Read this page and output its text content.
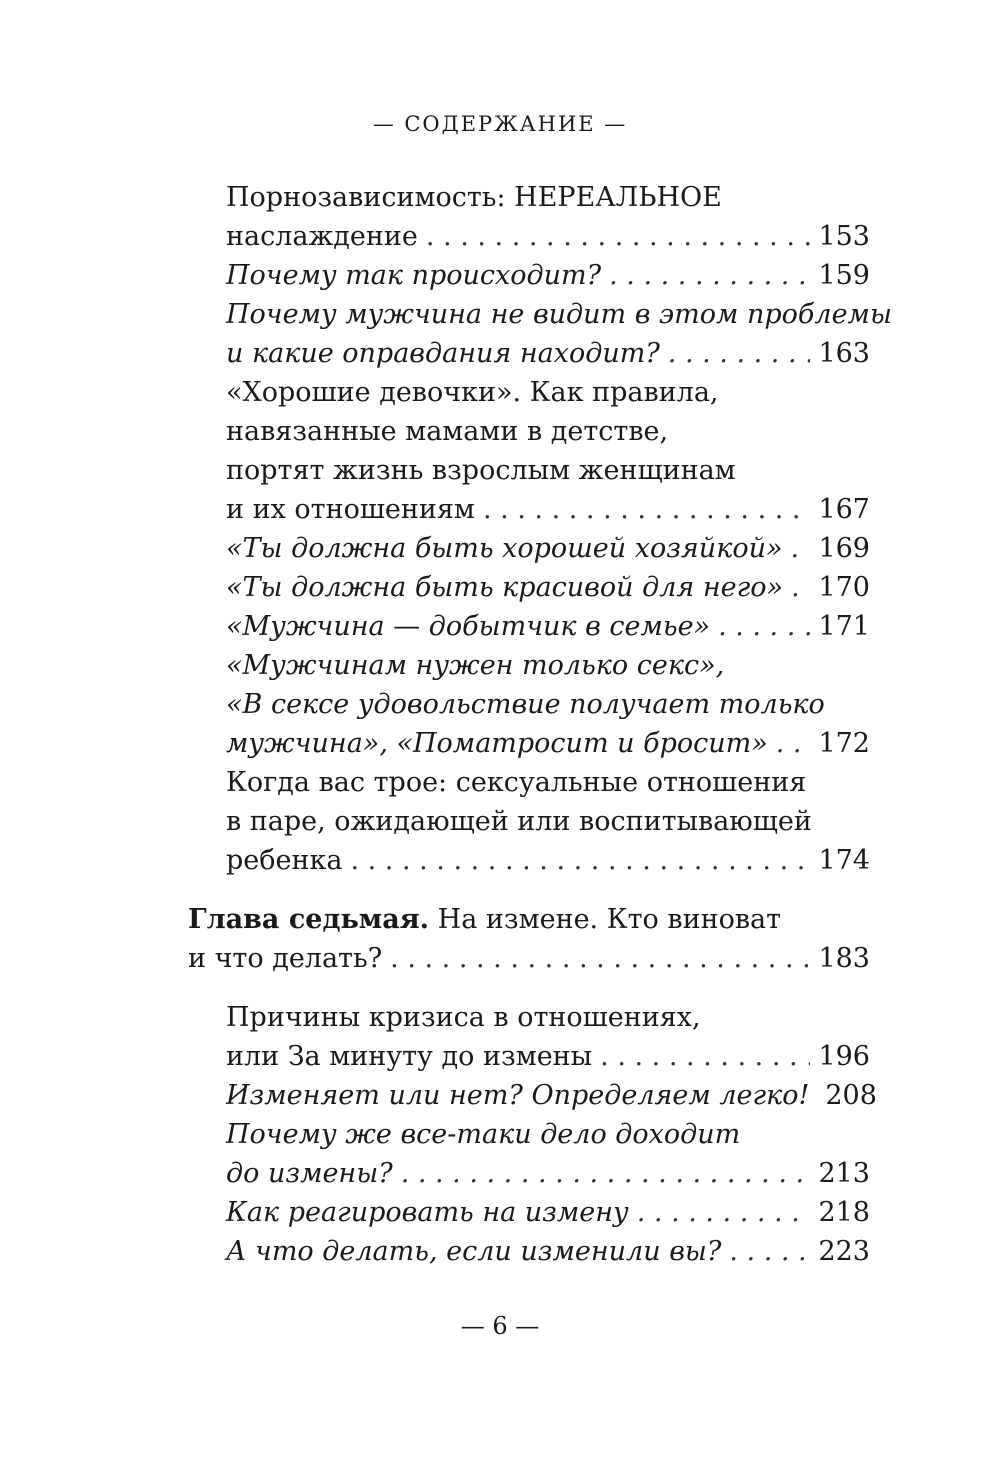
— СОДЕРЖАНИЕ —
Порнозависимость: НЕРЕАЛЬНОЕ
наслаждение . . .	153
Почему так происходит? . . .	159
Почему мужчина не видит в этом проблемы
и какие оправдания находит? . . .	163
«Хорошие девочки». Как правила,
навязанные мамами в детстве,
портят жизнь взрослым женщинам
и их отношениям . . .	167
«Ты должна быть хорошей хозяйкой» . . . 169
«Ты должна быть красивой для него» . . . 170
«Мужчина — добытчик в семье» . . .	171
«Мужчинам нужен только секс»,
«В сексе удовольствие получает только
мужчина», «Поматросит и бросит» . . . 172
Когда вас трое: сексуальные отношения
в паре, ожидающей или воспитывающей
ребенка . . .	174
Глава седьмая. На измене. Кто виноват
и что делать? . . .	183
Причины кризиса в отношениях,
или За минуту до измены . . .	196
Изменяет или нет? Определяем легко! 208
Почему же все-таки дело доходит
до измены? . . .	213
Как реагировать на измену . . .	218
А что делать, если изменили вы? . . .	223
— 6 —
